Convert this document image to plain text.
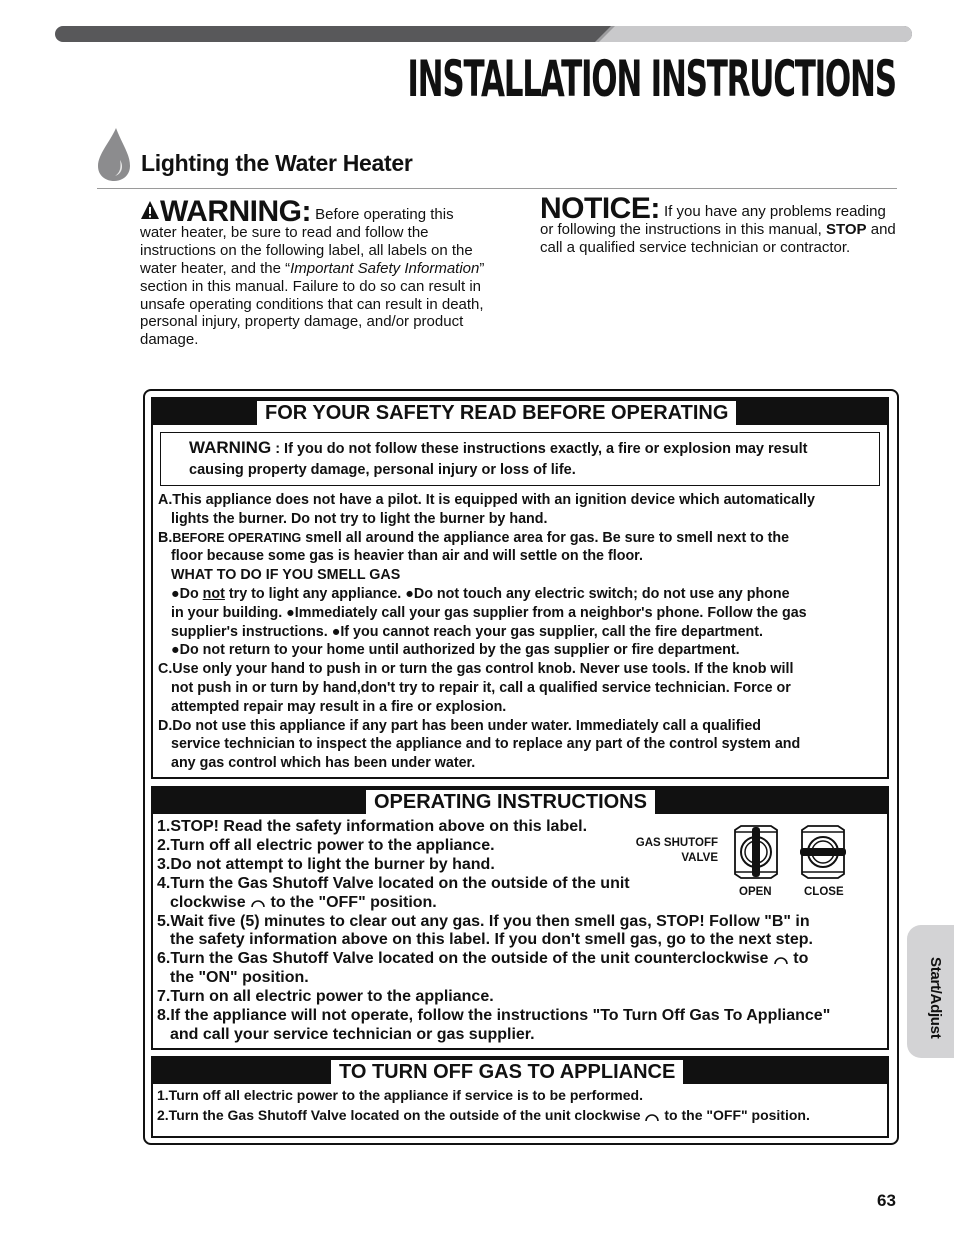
INSTALLATION INSTRUCTIONS
Lighting the Water Heater
WARNING: Before operating this water heater, be sure to read and follow the instructions on the following label, all labels on the water heater, and the “Important Safety Information” section in this manual. Failure to do so can result in unsafe operating conditions that can result in death, personal injury, property damage, and/or product damage.
NOTICE: If you have any problems reading or following the instructions in this manual, STOP and call a qualified service technician or contractor.
FOR YOUR SAFETY READ BEFORE OPERATING
WARNING : If you do not follow these instructions exactly, a fire or explosion may result
causing property damage, personal injury or loss of life.
A.This appliance does not have a pilot. It is equipped with an ignition device which automatically
lights the burner. Do not try to light the burner by hand.
B.BEFORE OPERATING smell all around the appliance area for gas. Be sure to smell next to the
floor because some gas is heavier than air and will settle on the floor.
WHAT TO DO IF YOU SMELL GAS
●Do not try to light any appliance. ●Do not touch any electric switch; do not use any phone
in your building. ●Immediately call your gas supplier from a neighbor's phone. Follow the gas
supplier's instructions. ●If you cannot reach your gas supplier, call the fire department.
●Do not return to your home until authorized by the gas supplier or fire department.
C.Use only your hand to push in or turn the gas control knob. Never use tools. If the knob will
not push in or turn by hand,don't try to repair it, call a qualified service technician. Force or
attempted repair may result in a fire or explosion.
D.Do not use this appliance if any part has been under water. Immediately call a qualified
service technician to inspect the appliance and to replace any part of the control system and
any gas control which has been under water.
OPERATING INSTRUCTIONS
1.STOP! Read the safety information above on this label.
2.Turn off all electric power to the appliance.
3.Do not attempt to light the burner by hand.
4.Turn the Gas Shutoff Valve located on the outside of the unit
clockwise  to the "OFF" position.
5.Wait five (5) minutes to clear out any gas. If you then smell gas, STOP! Follow "B" in
the safety information above on this label. If you don't smell gas, go to the next step.
6.Turn the Gas Shutoff Valve located on the outside of the unit counterclockwise  to
the "ON" position.
7.Turn on all electric power to the appliance.
8.If the appliance will not operate, follow the instructions "To Turn Off Gas To Appliance"
and call your service technician or gas supplier.
GAS SHUTOFF
VALVE
OPEN	CLOSE
TO TURN OFF GAS TO APPLIANCE
1.Turn off all electric power to the appliance if service is to be performed.
2.Turn the Gas Shutoff Valve located on the outside of the unit clockwise  to the "OFF" position.
Start/Adjust
63
